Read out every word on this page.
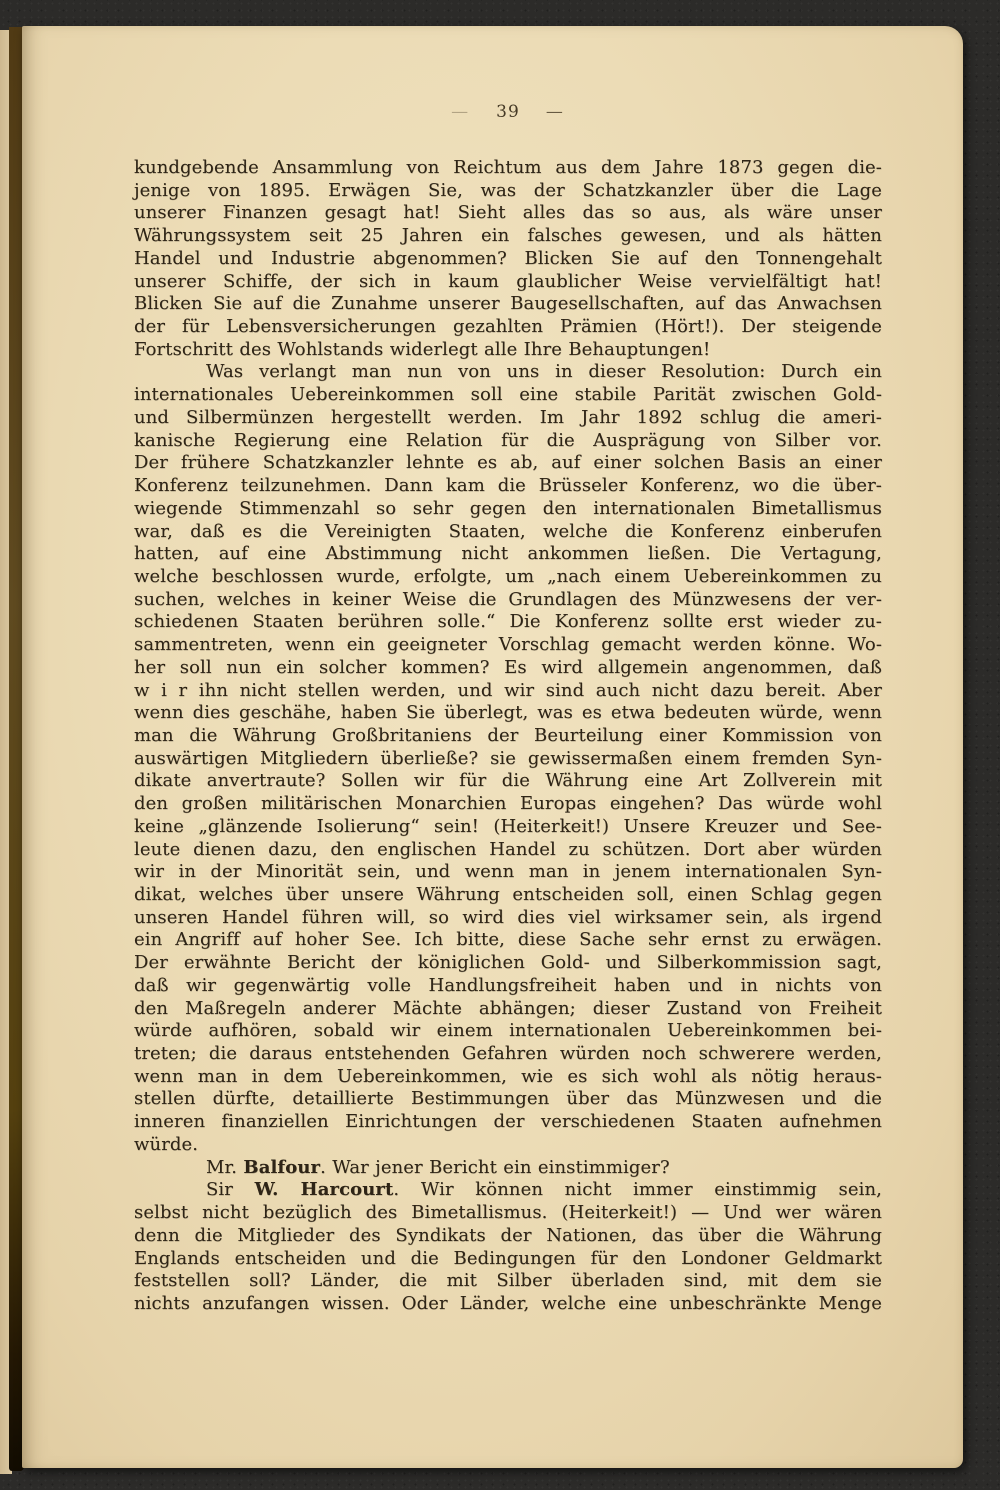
— 39 —
kundgebende Ansammlung von Reichtum aus dem Jahre 1873 gegen die-
jenige von 1895. Erwägen Sie, was der Schatzkanzler über die Lage
unserer Finanzen gesagt hat! Sieht alles das so aus, als wäre unser
Währungssystem seit 25 Jahren ein falsches gewesen, und als hätten
Handel und Industrie abgenommen? Blicken Sie auf den Tonnengehalt
unserer Schiffe, der sich in kaum glaublicher Weise vervielfältigt hat!
Blicken Sie auf die Zunahme unserer Baugesellschaften, auf das Anwachsen
der für Lebensversicherungen gezahlten Prämien (Hört!). Der steigende
Fortschritt des Wohlstands widerlegt alle Ihre Behauptungen!
Was verlangt man nun von uns in dieser Resolution: Durch ein
internationales Uebereinkommen soll eine stabile Parität zwischen Gold-
und Silbermünzen hergestellt werden. Im Jahr 1892 schlug die ameri-
kanische Regierung eine Relation für die Ausprägung von Silber vor.
Der frühere Schatzkanzler lehnte es ab, auf einer solchen Basis an einer
Konferenz teilzunehmen. Dann kam die Brüsseler Konferenz, wo die über-
wiegende Stimmenzahl so sehr gegen den internationalen Bimetallismus
war, daß es die Vereinigten Staaten, welche die Konferenz einberufen
hatten, auf eine Abstimmung nicht ankommen ließen. Die Vertagung,
welche beschlossen wurde, erfolgte, um „nach einem Uebereinkommen zu
suchen, welches in keiner Weise die Grundlagen des Münzwesens der ver-
schiedenen Staaten berühren solle.“ Die Konferenz sollte erst wieder zu-
sammentreten, wenn ein geeigneter Vorschlag gemacht werden könne. Wo-
her soll nun ein solcher kommen? Es wird allgemein angenommen, daß
w i r ihn nicht stellen werden, und wir sind auch nicht dazu bereit. Aber
wenn dies geschähe, haben Sie überlegt, was es etwa bedeuten würde, wenn
man die Währung Großbritaniens der Beurteilung einer Kommission von
auswärtigen Mitgliedern überließe? sie gewissermaßen einem fremden Syn-
dikate anvertraute? Sollen wir für die Währung eine Art Zollverein mit
den großen militärischen Monarchien Europas eingehen? Das würde wohl
keine „glänzende Isolierung“ sein! (Heiterkeit!) Unsere Kreuzer und See-
leute dienen dazu, den englischen Handel zu schützen. Dort aber würden
wir in der Minorität sein, und wenn man in jenem internationalen Syn-
dikat, welches über unsere Währung entscheiden soll, einen Schlag gegen
unseren Handel führen will, so wird dies viel wirksamer sein, als irgend
ein Angriff auf hoher See. Ich bitte, diese Sache sehr ernst zu erwägen.
Der erwähnte Bericht der königlichen Gold- und Silberkommission sagt,
daß wir gegenwärtig volle Handlungsfreiheit haben und in nichts von
den Maßregeln anderer Mächte abhängen; dieser Zustand von Freiheit
würde aufhören, sobald wir einem internationalen Uebereinkommen bei-
treten; die daraus entstehenden Gefahren würden noch schwerere werden,
wenn man in dem Uebereinkommen, wie es sich wohl als nötig heraus-
stellen dürfte, detaillierte Bestimmungen über das Münzwesen und die
inneren finanziellen Einrichtungen der verschiedenen Staaten aufnehmen
würde.
Mr. Balfour. War jener Bericht ein einstimmiger?
Sir W. Harcourt. Wir können nicht immer einstimmig sein,
selbst nicht bezüglich des Bimetallismus. (Heiterkeit!) — Und wer wären
denn die Mitglieder des Syndikats der Nationen, das über die Währung
Englands entscheiden und die Bedingungen für den Londoner Geldmarkt
feststellen soll? Länder, die mit Silber überladen sind, mit dem sie
nichts anzufangen wissen. Oder Länder, welche eine unbeschränkte Menge
